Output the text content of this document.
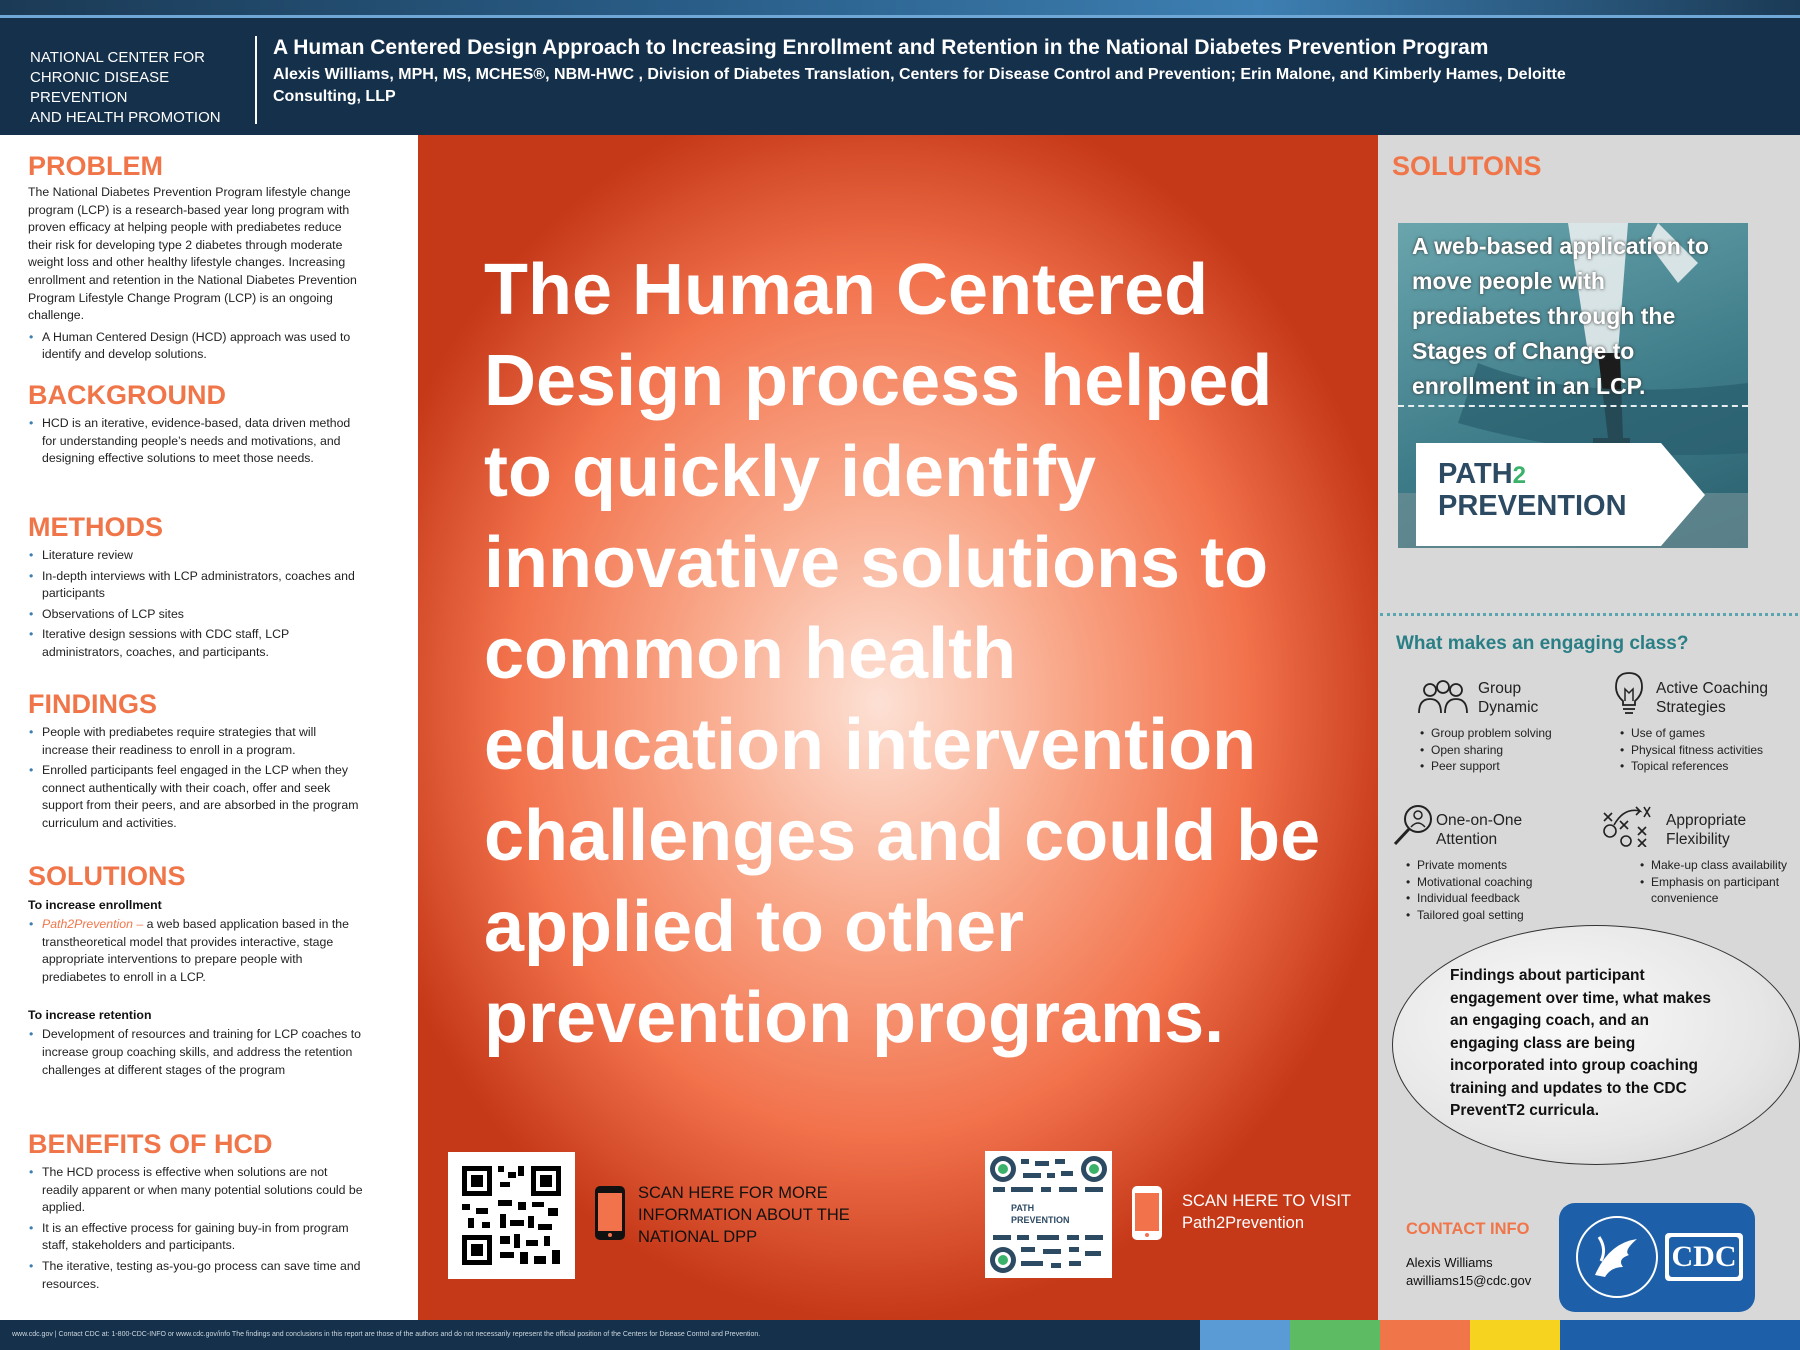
NATIONAL CENTER FOR
CHRONIC DISEASE PREVENTION
AND HEALTH PROMOTION
A Human Centered Design Approach to Increasing Enrollment and Retention in the National Diabetes Prevention Program
Alexis Williams, MPH, MS, MCHES®, NBM-HWC , Division of Diabetes Translation, Centers for Disease Control and Prevention; Erin Malone, and Kimberly Hames, Deloitte Consulting, LLP
PROBLEM

The National Diabetes Prevention Program lifestyle change program (LCP) is a research-based year long program with proven efficacy at helping people with prediabetes reduce their risk for developing type 2 diabetes through moderate weight loss and other healthy lifestyle changes. Increasing enrollment and retention in the National Diabetes Prevention Program Lifestyle Change Program (LCP) is an ongoing challenge.

• A Human Centered Design (HCD) approach was used to identify and develop solutions.
BACKGROUND
• HCD is an iterative, evidence-based, data driven method for understanding people’s needs and motivations, and designing effective solutions to meet those needs.
METHODS
• Literature review
• In-depth interviews with LCP administrators, coaches and participants
• Observations of LCP sites
• Iterative design sessions with CDC staff, LCP administrators, coaches, and participants.
FINDINGS
• People with prediabetes require strategies that will increase their readiness to enroll in a program.
• Enrolled participants feel engaged in the LCP when they connect authentically with their coach, offer and seek support from their peers, and are absorbed in the program curriculum and activities.
SOLUTIONS
To increase enrollment
• Path2Prevention – a web based application based in the transtheoretical model that provides interactive, stage appropriate interventions to prepare people with prediabetes to enroll in a LCP.
To increase retention
• Development of resources and training for LCP coaches to increase group coaching skills, and address the retention challenges at different stages of the program
BENEFITS OF HCD
• The HCD process is effective when solutions are not readily apparent or when many potential solutions could be applied.
• It is an effective process for gaining buy-in from program staff, stakeholders and participants.
• The iterative, testing as-you-go process can save time and resources.
The Human Centered Design process helped to quickly identify innovative solutions to common health education intervention challenges and could be applied to other prevention programs.
SCAN HERE FOR MORE INFORMATION ABOUT THE NATIONAL DPP
PATH
PREVENTION
SCAN HERE TO VISIT
Path2Prevention
SOLUTONS
A web-based application to move people with prediabetes through the Stages of Change to enrollment in an LCP.
PATH2
PREVENTION
What makes an engaging class?
Group Dynamic
• Group problem solving
• Open sharing
• Peer support
Active Coaching Strategies
• Use of games
• Physical fitness activities
• Topical references
One-on-One Attention
• Private moments
• Motivational coaching
• Individual feedback
• Tailored goal setting
Appropriate Flexibility
• Make-up class availability
• Emphasis on participant convenience
Findings about participant engagement over time, what makes an engaging coach, and an engaging class are being incorporated into group coaching training and updates to the CDC PreventT2 curricula.
CONTACT INFO
Alexis Williams
awilliams15@cdc.gov
CDC
www.cdc.gov | Contact CDC at: 1-800-CDC-INFO or www.cdc.gov/info The findings and conclusions in this report are those of the authors and do not necessarily represent the official position of the Centers for Disease Control and Prevention.
